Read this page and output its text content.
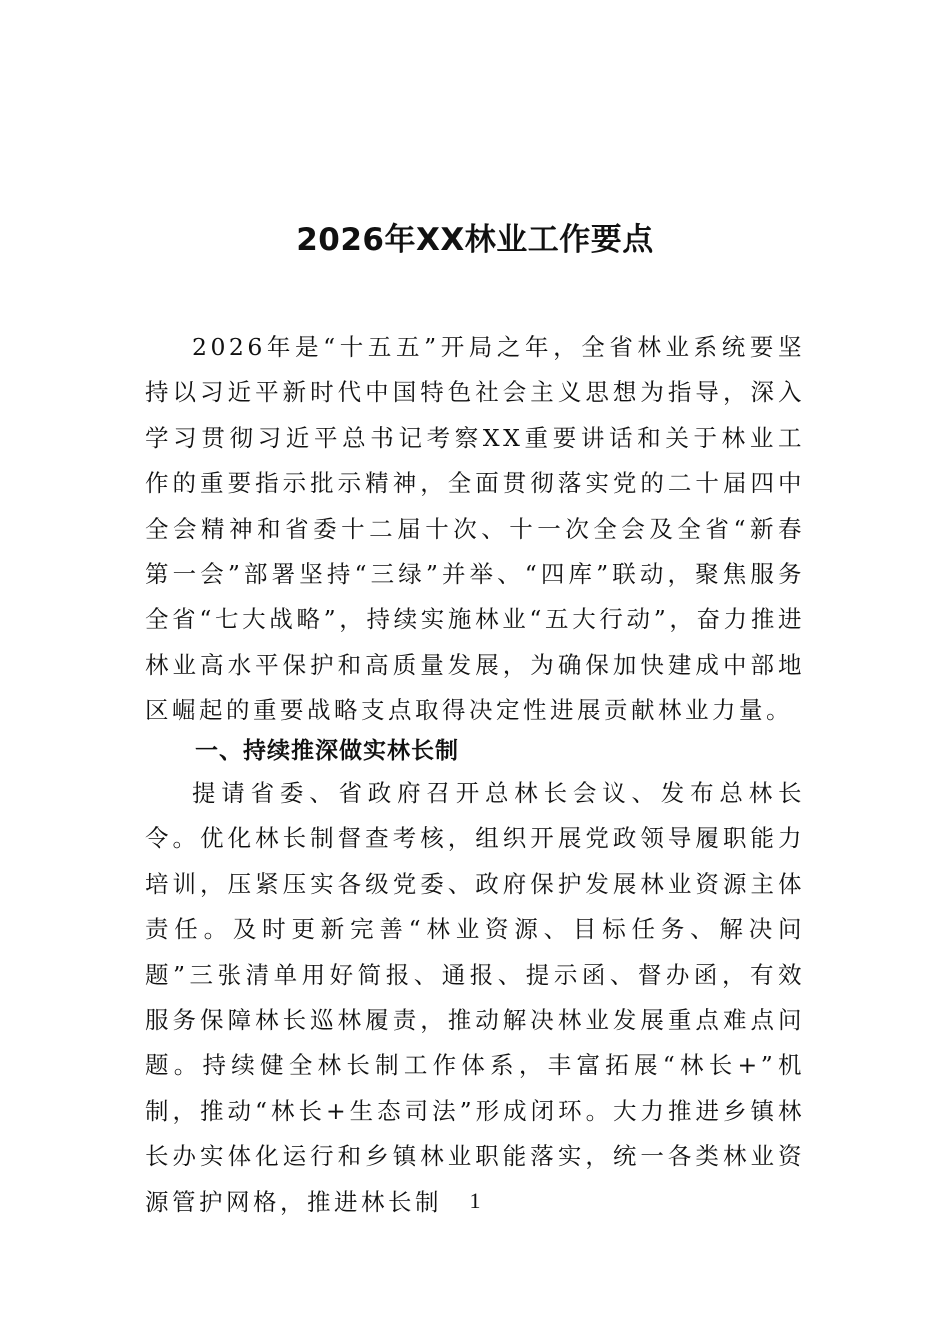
2026年XX林业工作要点

2026年是“十五五”开局之年，全省林业系统要坚持以习近平新时代中国特色社会主义思想为指导，深入学习贯彻习近平总书记考察XX重要讲话和关于林业工作的重要指示批示精神，全面贯彻落实党的二十届四中全会精神和省委十二届十次、十一次全会及全省“新春第一会”部署坚持“三绿”并举、“四库”联动，聚焦服务全省“七大战略”，持续实施林业“五大行动”，奋力推进林业高水平保护和高质量发展，为确保加快建成中部地区崛起的重要战略支点取得决定性进展贡献林业力量。

一、持续推深做实林长制

提请省委、省政府召开总林长会议、发布总林长令。优化林长制督查考核，组织开展党政领导履职能力培训，压紧压实各级党委、政府保护发展林业资源主体责任。及时更新完善“林业资源、目标任务、解决问题”三张清单用好简报、通报、提示函、督办函，有效服务保障林长巡林履责，推动解决林业发展重点难点问题。持续健全林长制工作体系，丰富拓展“林长+”机制，推动“林长+生态司法”形成闭环。大力推进乡镇林长办实体化运行和乡镇林业职能落实，统一各类林业资源管护网格，推进林长制	1
